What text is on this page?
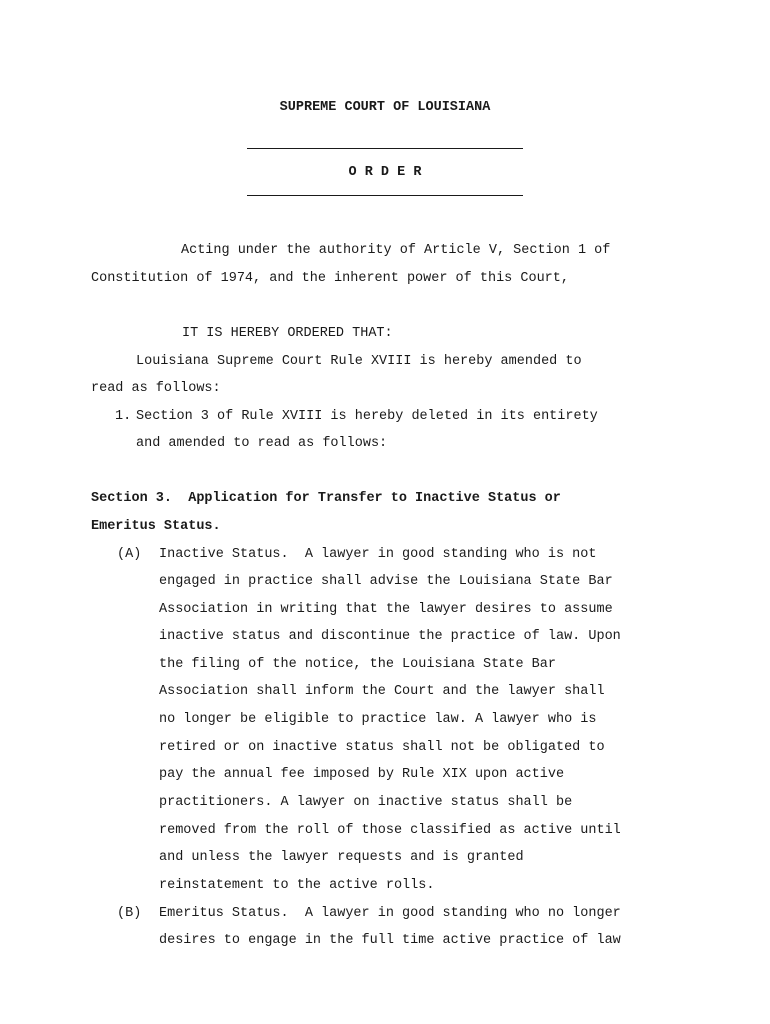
SUPREME COURT OF LOUISIANA
O R D E R
Acting under the authority of Article V, Section 1 of
Constitution of 1974, and the inherent power of this Court,
IT IS HEREBY ORDERED THAT:
Louisiana Supreme Court Rule XVIII is hereby amended to
read as follows:
1. Section 3 of Rule XVIII is hereby deleted in its entirety
and amended to read as follows:
Section 3.  Application for Transfer to Inactive Status or
Emeritus Status.
(A) Inactive Status.  A lawyer in good standing who is not
engaged in practice shall advise the Louisiana State Bar
Association in writing that the lawyer desires to assume
inactive status and discontinue the practice of law. Upon
the filing of the notice, the Louisiana State Bar
Association shall inform the Court and the lawyer shall
no longer be eligible to practice law. A lawyer who is
retired or on inactive status shall not be obligated to
pay the annual fee imposed by Rule XIX upon active
practitioners. A lawyer on inactive status shall be
removed from the roll of those classified as active until
and unless the lawyer requests and is granted
reinstatement to the active rolls.
(B) Emeritus Status.  A lawyer in good standing who no longer
desires to engage in the full time active practice of law
